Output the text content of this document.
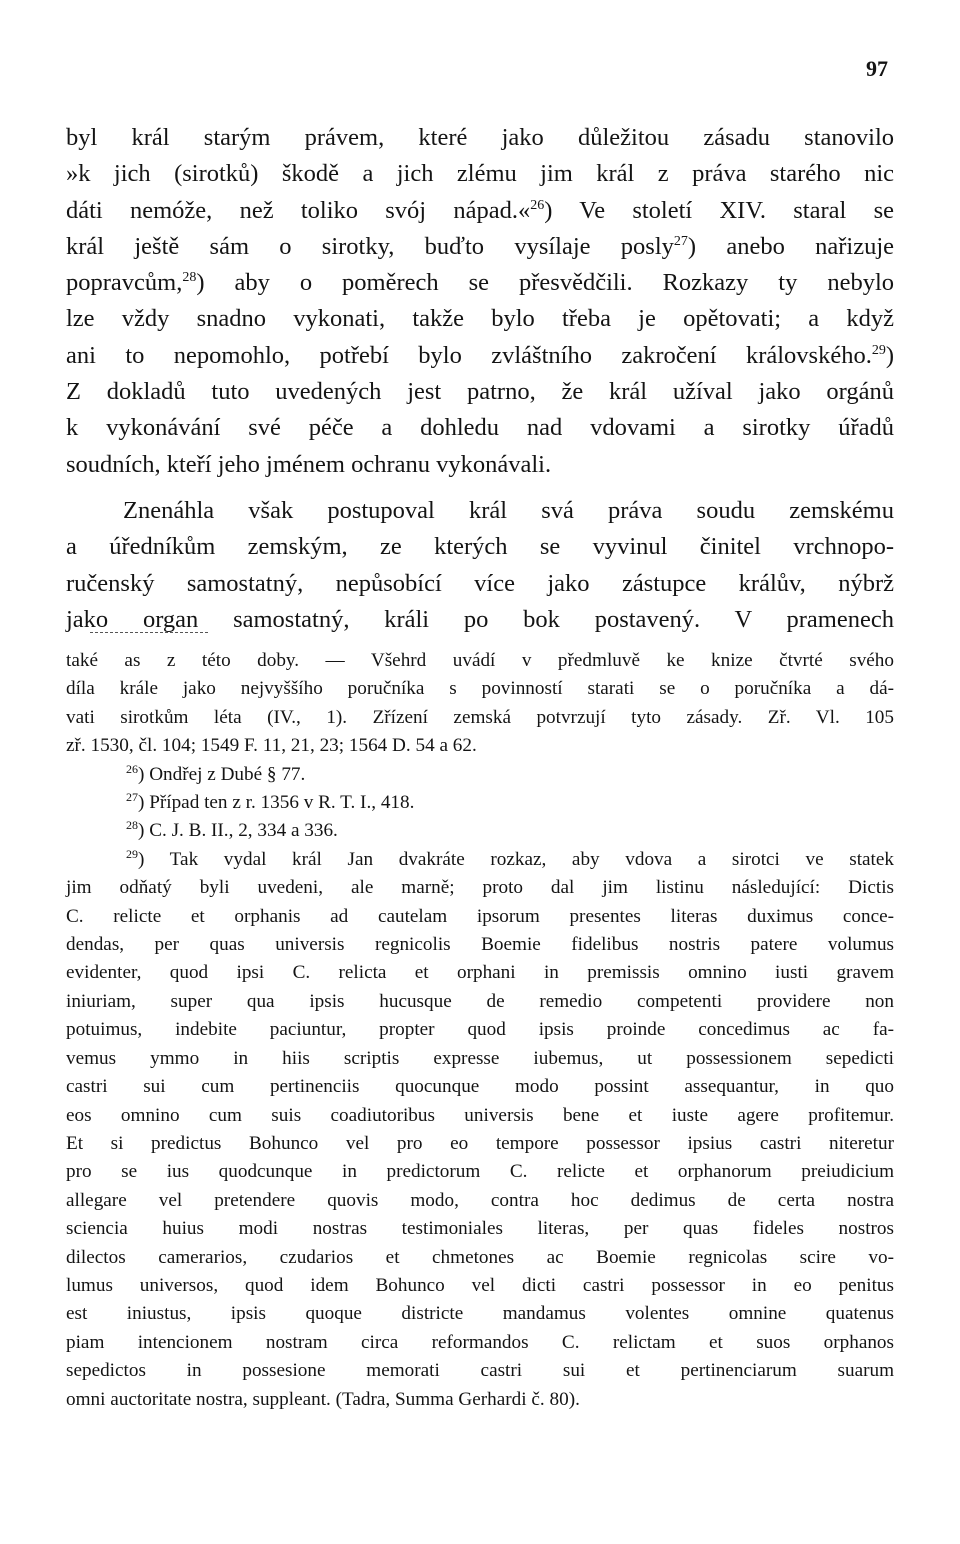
97
byl král starým právem, které jako důležitou zásadu stanovilo
»k jich (sirotků) škodě a jich zlému jim král z práva starého nic
dáti nemóže, než toliko svój nápad.«$^{26}$) Ve století XIV. staral se
král ještě sám o sirotky, buďto vysílaje posly$^{27}$) anebo nařizuje
popravcům,$^{28}$) aby o poměrech se přesvědčili. Rozkazy ty nebylo
lze vždy snadno vykonati, takže bylo třeba je opětovati; a když
ani to nepomohlo, potřebí bylo zvláštního zakročení královského.$^{29}$)
Z dokladů tuto uvedených jest patrno, že král užíval jako orgánů
k vykonávání své péče a dohledu nad vdovami a sirotky úřadů
soudních, kteří jeho jménem ochranu vykonávali.
Znenáhla však postupoval král svá práva soudu zemskému
a úředníkům zemským, ze kterých se vyvinul činitel vrchnopo-
ručenský samostatný, nepůsobící více jako zástupce králův, nýbrž
jako organ samostatný, králi po bok postavený. V pramenech
také as z této doby. — Všehrd uvádí v předmluvě ke knize čtvrté svého
díla krále jako nejvyššího poručníka s povinností starati se o poručníka a dá-
vati sirotkům léta (IV., 1). Zřízení zemská potvrzují tyto zásady. Zř. Vl. 105
zř. 1530, čl. 104; 1549 F. 11, 21, 23; 1564 D. 54 a 62.
$^{26}$) Ondřej z Dubé § 77.
$^{27}$) Případ ten z r. 1356 v R. T. I., 418.
$^{28}$) C. J. B. II., 2, 334 a 336.
$^{29}$) Tak vydal král Jan dvakráte rozkaz, aby vdova a sirotci ve statek
jim odňatý byli uvedeni, ale marně; proto dal jim listinu následující: Dictis
C. relicte et orphanis ad cautelam ipsorum presentes literas duximus conce-
dendas, per quas universis regnicolis Boemie fidelibus nostris patere volumus
evidenter, quod ipsi C. relicta et orphani in premissis omnino iusti gravem
iniuriam, super qua ipsis hucusque de remedio competenti providere non
potuimus, indebite paciuntur, propter quod ipsis proinde concedimus ac fa-
vemus ymmo in hiis scriptis expresse iubemus, ut possessionem sepedicti
castri sui cum pertinenciis quocunque modo possint assequantur, in quo
eos omnino cum suis coadiutoribus universis bene et iuste agere profitemur.
Et si predictus Bohunco vel pro eo tempore possessor ipsius castri niteretur
pro se ius quodcunque in predictorum C. relicte et orphanorum preiudicium
allegare vel pretendere quovis modo, contra hoc dedimus de certa nostra
sciencia huius modi nostras testimoniales literas, per quas fideles nostros
dilectos camerarios, czudarios et chmetones ac Boemie regnicolas scire vo-
lumus universos, quod idem Bohunco vel dicti castri possessor in eo penitus
est iniustus, ipsis quoque districte mandamus volentes omnine quatenus
piam intencionem nostram circa reformandos C. relictam et suos orphanos
sepedictos in possesione memorati castri sui et pertinenciarum suarum
omni auctoritate nostra, suppleant. (Tadra, Summa Gerhardi č. 80).
